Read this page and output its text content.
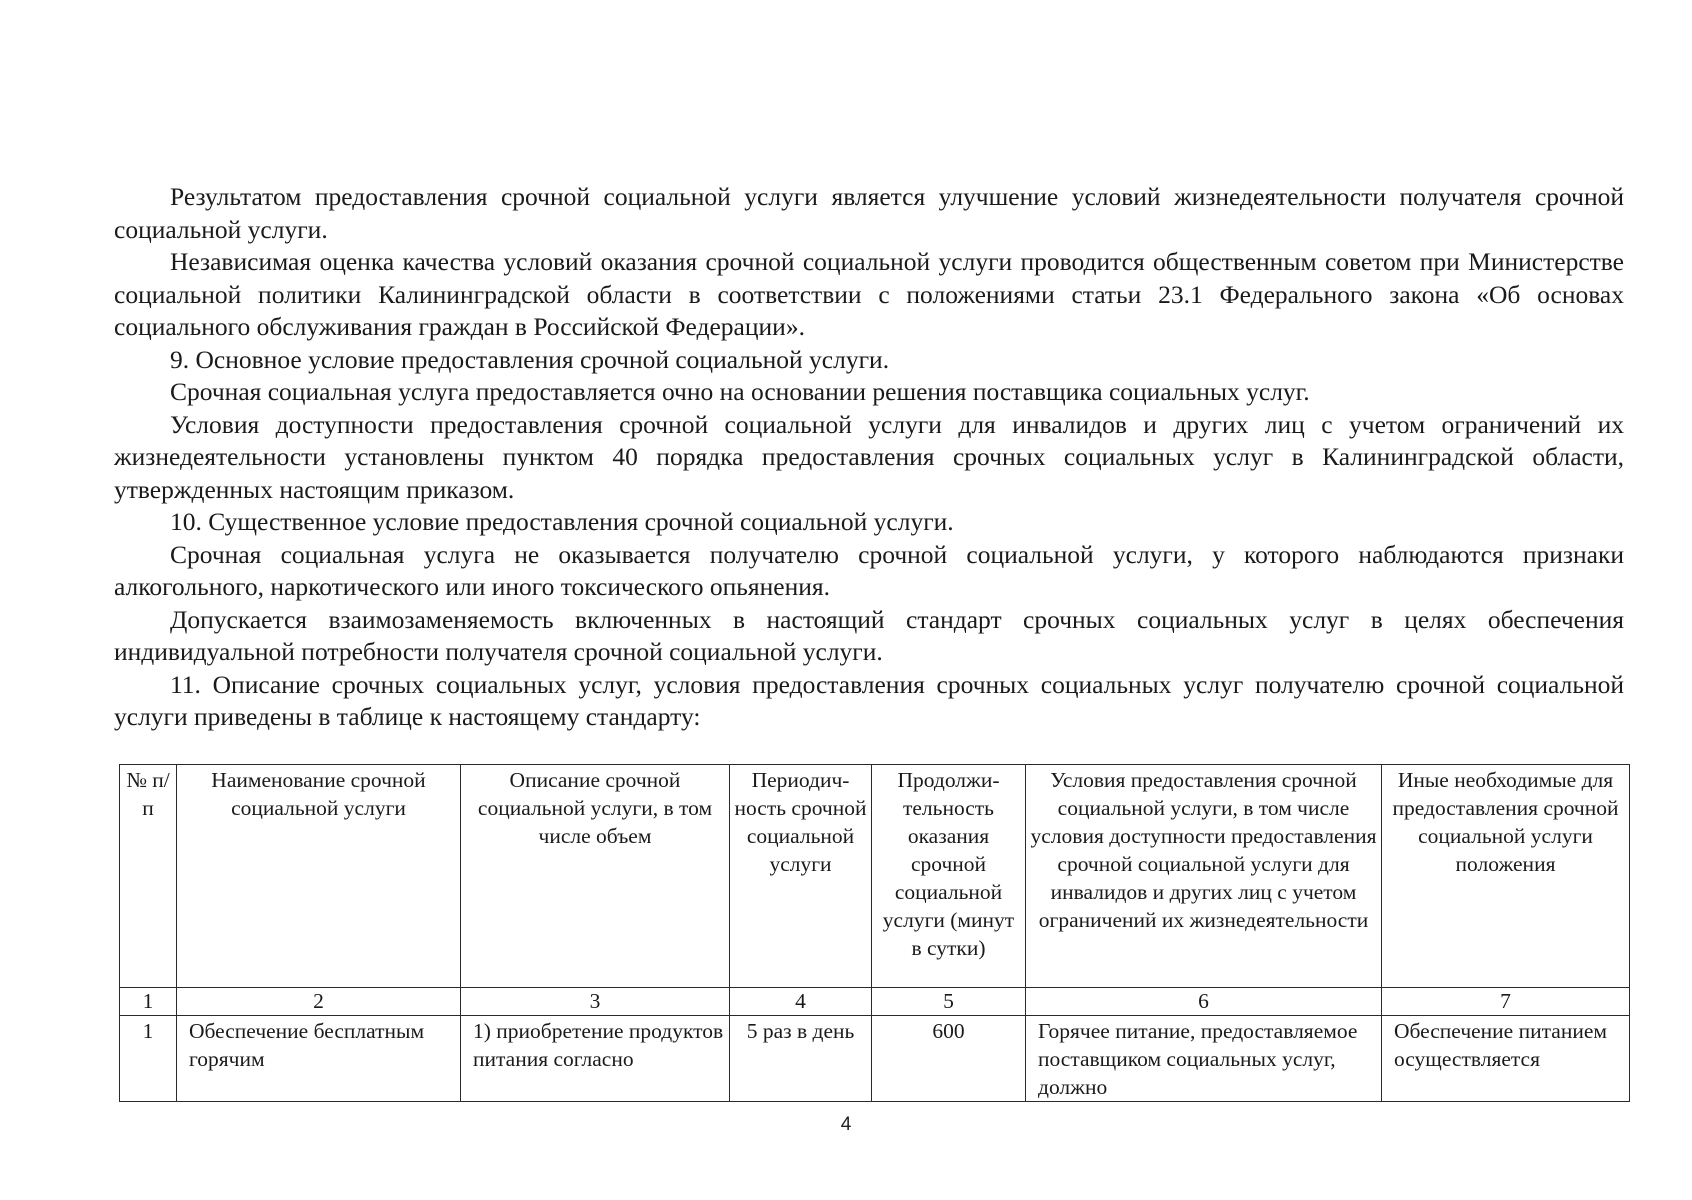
Результатом предоставления срочной социальной услуги является улучшение условий жизнедеятельности получателя срочной социальной услуги.

Независимая оценка качества условий оказания срочной социальной услуги проводится общественным советом при Министерстве социальной политики Калининградской области в соответствии с положениями статьи 23.1 Федерального закона «Об основах социального обслуживания граждан в Российской Федерации».

9. Основное условие предоставления срочной социальной услуги.

Срочная социальная услуга предоставляется очно на основании решения поставщика социальных услуг.

Условия доступности предоставления срочной социальной услуги для инвалидов и других лиц с учетом ограничений их жизнедеятельности установлены пунктом 40 порядка предоставления срочных социальных услуг в Калининградской области, утвержденных настоящим приказом.

10. Существенное условие предоставления срочной социальной услуги.

Срочная социальная услуга не оказывается получателю срочной социальной услуги, у которого наблюдаются признаки алкогольного, наркотического или иного токсического опьянения.

Допускается взаимозаменяемость включенных в настоящий стандарт срочных социальных услуг в целях обеспечения индивидуальной потребности получателя срочной социальной услуги.

11. Описание срочных социальных услуг, условия предоставления срочных социальных услуг получателю срочной социальной услуги приведены в таблице к настоящему стандарту:

№ п/п	Наименование срочной социальной услуги	Описание срочной социальной услуги, в том числе объем	Периодич-ность срочной социальной услуги	Продолжи-тельность оказания срочной социальной услуги (минут в сутки)	Условия предоставления срочной социальной услуги, в том числе условия доступности предоставления срочной социальной услуги для инвалидов и других лиц с учетом ограничений их жизнедеятельности	Иные необходимые для предоставления срочной социальной услуги положения
1	2	3	4	5	6	7
1	Обеспечение бесплатным горячим	1) приобретение продуктов питания согласно	5 раз в день	600	Горячее питание, предоставляемое поставщиком социальных услуг, должно	Обеспечение питанием осуществляется
4
